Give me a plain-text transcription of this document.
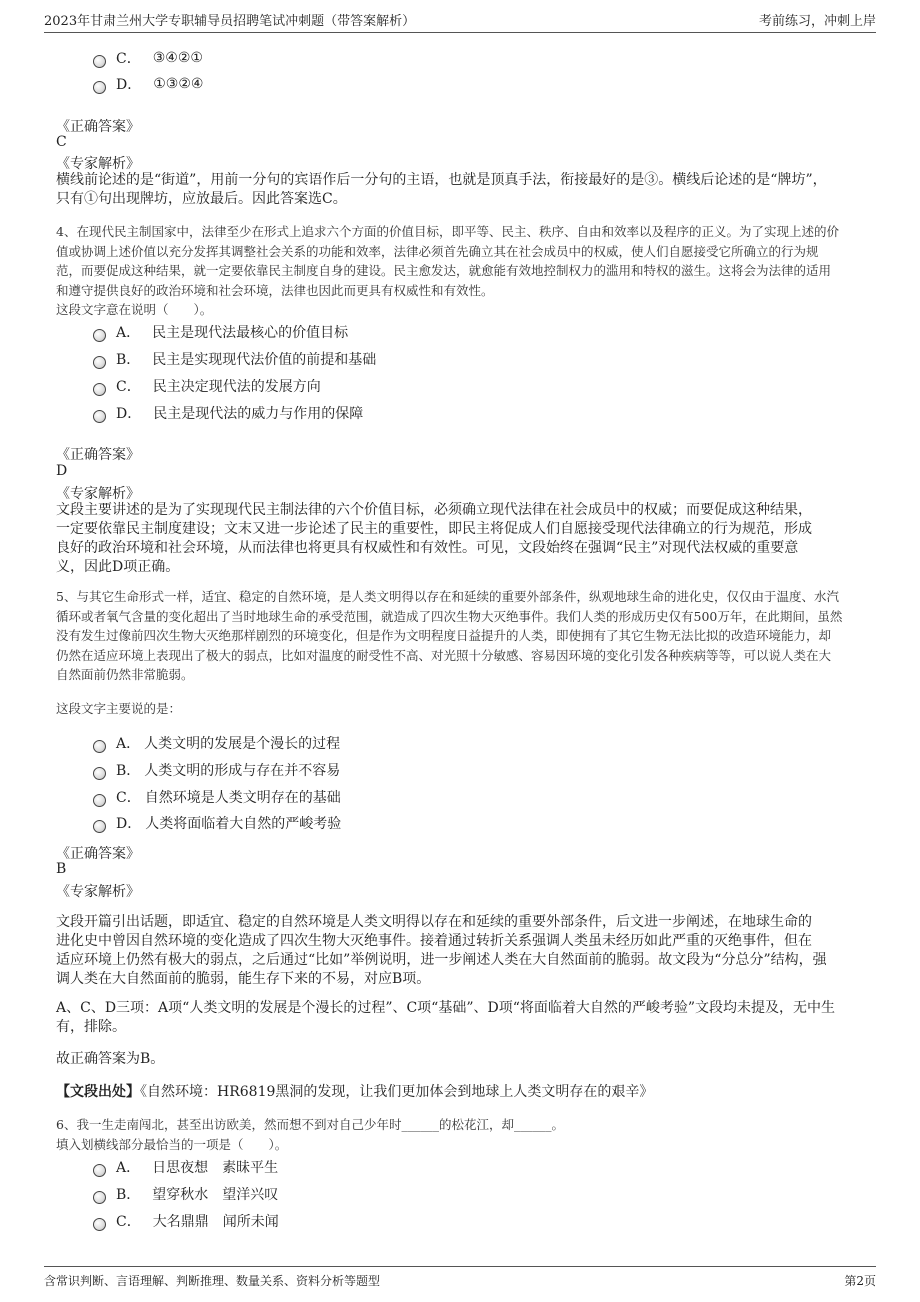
2023年甘肃兰州大学专职辅导员招聘笔试冲刺题（带答案解析）	考前练习，冲刺上岸
C． ③④②①
D． ①③②④
《正确答案》
C
《专家解析》
横线前论述的是“街道”，用前一分句的宾语作后一分句的主语，也就是顶真手法，衔接最好的是③。横线后论述的是“牌坊”，
只有①句出现牌坊，应放最后。因此答案选C。
4、在现代民主制国家中，法律至少在形式上追求六个方面的价值目标，即平等、民主、秩序、自由和效率以及程序的正义。为了实现上述的价
值或协调上述价值以充分发挥其调整社会关系的功能和效率，法律必须首先确立其在社会成员中的权威，使人们自愿接受它所确立的行为规
范，而要促成这种结果，就一定要依靠民主制度自身的建设。民主愈发达，就愈能有效地控制权力的滥用和特权的滋生。这将会为法律的适用
和遵守提供良好的政治环境和社会环境，法律也因此而更具有权威性和有效性。
这段文字意在说明（　　）。
A． 民主是现代法最核心的价值目标
B． 民主是实现现代法价值的前提和基础
C． 民主决定现代法的发展方向
D． 民主是现代法的威力与作用的保障
《正确答案》
D
《专家解析》
文段主要讲述的是为了实现现代民主制法律的六个价值目标，必须确立现代法律在社会成员中的权威；而要促成这种结果，
一定要依靠民主制度建设；文末又进一步论述了民主的重要性，即民主将促成人们自愿接受现代法律确立的行为规范，形成
良好的政治环境和社会环境，从而法律也将更具有权威性和有效性。可见，文段始终在强调“民主”对现代法权威的重要意
义，因此D项正确。
5、与其它生命形式一样，适宜、稳定的自然环境，是人类文明得以存在和延续的重要外部条件，纵观地球生命的进化史，仅仅由于温度、水汽
循环或者氧气含量的变化超出了当时地球生命的承受范围，就造成了四次生物大灭绝事件。我们人类的形成历史仅有500万年，在此期间，虽然
没有发生过像前四次生物大灭绝那样剧烈的环境变化，但是作为文明程度日益提升的人类，即使拥有了其它生物无法比拟的改造环境能力，却
仍然在适应环境上表现出了极大的弱点，比如对温度的耐受性不高、对光照十分敏感、容易因环境的变化引发各种疾病等等，可以说人类在大
自然面前仍然非常脆弱。
这段文字主要说的是：
A． 人类文明的发展是个漫长的过程
B． 人类文明的形成与存在并不容易
C． 自然环境是人类文明存在的基础
D． 人类将面临着大自然的严峻考验
《正确答案》
B
《专家解析》
文段开篇引出话题，即适宜、稳定的自然环境是人类文明得以存在和延续的重要外部条件，后文进一步阐述，在地球生命的
进化史中曾因自然环境的变化造成了四次生物大灭绝事件。接着通过转折关系强调人类虽未经历如此严重的灭绝事件，但在
适应环境上仍然有极大的弱点，之后通过“比如”举例说明，进一步阐述人类在大自然面前的脆弱。故文段为“分总分”结构，强
调人类在大自然面前的脆弱，能生存下来的不易，对应B项。
A、C、D三项：A项“人类文明的发展是个漫长的过程”、C项“基础”、D项“将面临着大自然的严峻考验”文段均未提及，无中生
有，排除。
故正确答案为B。
【文段出处】《自然环境：HR6819黑洞的发现，让我们更加体会到地球上人类文明存在的艰辛》
6、我一生走南闯北，甚至出访欧美，然而想不到对自己少年时______的松花江，却______。
填入划横线部分最恰当的一项是（　　）。
A． 日思夜想　素昧平生
B． 望穿秋水　望洋兴叹
C． 大名鼎鼎　闻所未闻
含常识判断、言语理解、判断推理、数量关系、资料分析等题型	第2页
